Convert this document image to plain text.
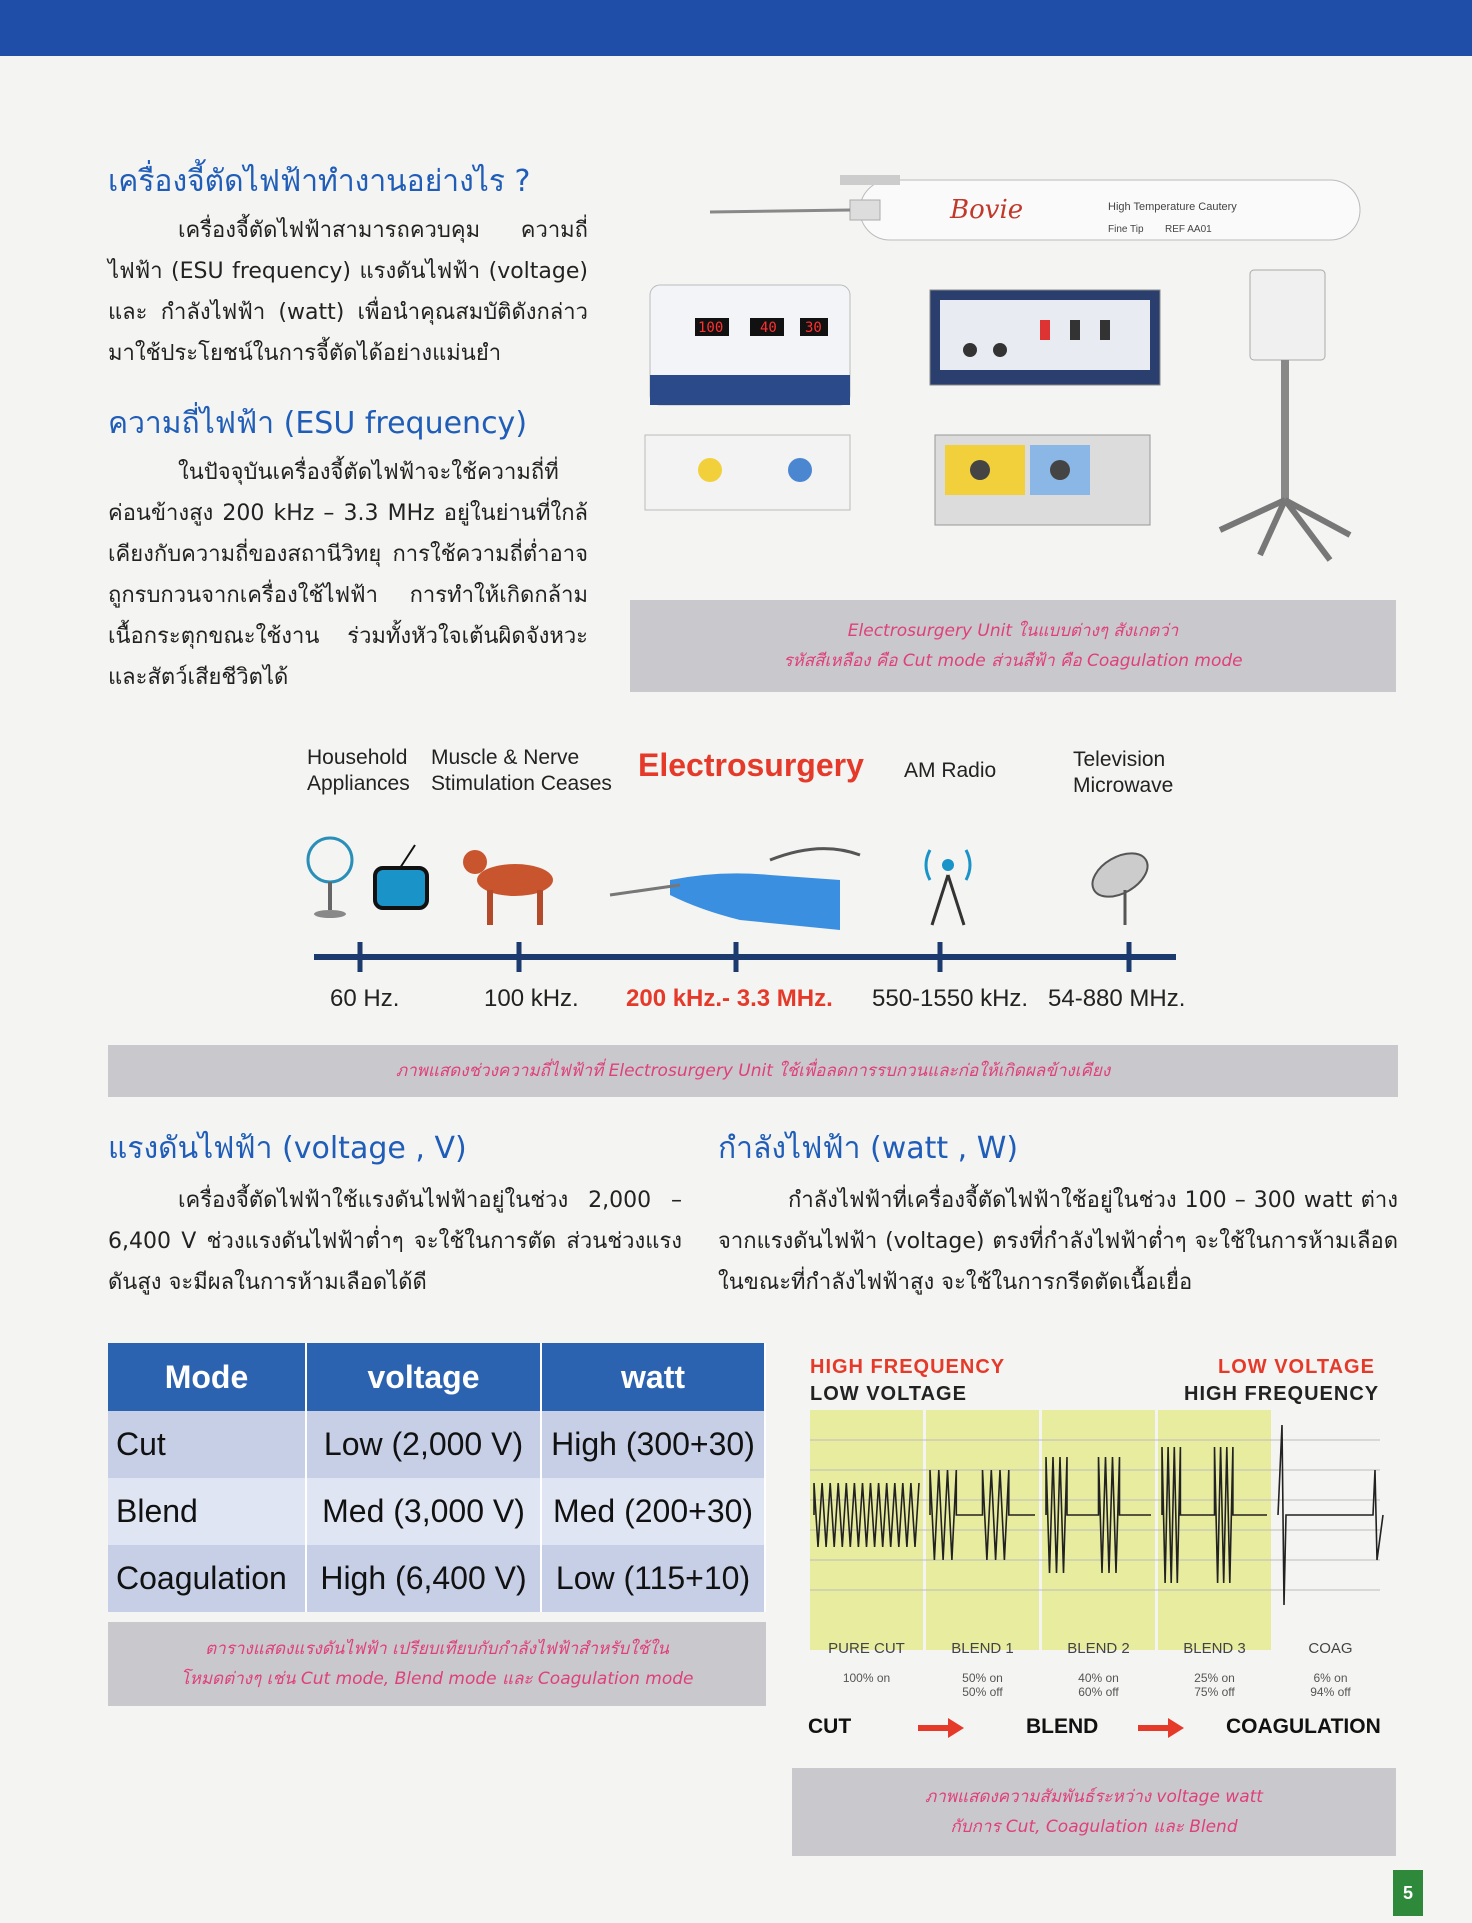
เครื่องจี้ตัดไฟฟ้าทำงานอย่างไร ?

เครื่องจี้ตัดไฟฟ้าสามารถควบคุม ความถี่ไฟฟ้า (ESU frequency) แรงดันไฟฟ้า (voltage) และ กำลังไฟฟ้า (watt) เพื่อนำคุณสมบัติดังกล่าวมาใช้ประโยชน์ในการจี้ตัดได้อย่างแม่นยำ

ความถี่ไฟฟ้า (ESU frequency)

ในปัจจุบันเครื่องจี้ตัดไฟฟ้าจะใช้ความถี่ที่ค่อนข้างสูง 200 kHz – 3.3 MHz อยู่ในย่านที่ใกล้เคียงกับความถี่ของสถานีวิทยุ การใช้ความถี่ต่ำอาจถูกรบกวนจากเครื่องใช้ไฟฟ้า การทำให้เกิดกล้ามเนื้อกระตุกขณะใช้งาน ร่วมทั้งหัวใจเต้นผิดจังหวะและสัตว์เสียชีวิตได้

Bovie	High Temperature Cautery
Fine Tip REF AA01
100	40 30
Electrosurgery Unit ในแบบต่างๆ สังเกตว่า
รหัสสีเหลือง คือ Cut mode ส่วนสีฟ้า คือ Coagulation mode
Household
Appliances
Muscle & Nerve
Stimulation Ceases
Electrosurgery AM Radio	Television
Microwave
60 Hz.	100 kHz. 200 kHz.- 3.3 MHz. 550-1550 kHz. 54-880 MHz.
ภาพแสดงช่วงความถี่ไฟฟ้าที่ Electrosurgery Unit ใช้เพื่อลดการรบกวนและก่อให้เกิดผลข้างเคียง
แรงดันไฟฟ้า (voltage , V)

เครื่องจี้ตัดไฟฟ้าใช้แรงดันไฟฟ้าอยู่ในช่วง 2,000 – 6,400 V ช่วงแรงดันไฟฟ้าต่ำๆ จะใช้ในการตัด ส่วนช่วงแรงดันสูง จะมีผลในการห้ามเลือดได้ดี

กำลังไฟฟ้า (watt , W)

กำลังไฟฟ้าที่เครื่องจี้ตัดไฟฟ้าใช้อยู่ในช่วง 100 – 300 watt ต่างจากแรงดันไฟฟ้า (voltage) ตรงที่กำลังไฟฟ้าต่ำๆ จะใช้ในการห้ามเลือด ในขณะที่กำลังไฟฟ้าสูง จะใช้ในการกรีดตัดเนื้อเยื่อ

Mode	voltage	watt
Cut	Low (2,000 V)	High (300+30)
Blend	Med (3,000 V)	Med (200+30)
Coagulation	High (6,400 V)	Low (115+10)
ตารางแสดงแรงดันไฟฟ้า เปรียบเทียบกับกำลังไฟฟ้าสำหรับใช้ใน
โหมดต่างๆ เช่น Cut mode, Blend mode และ Coagulation mode
HIGH FREQUENCY
LOW VOLTAGE
LOW VOLTAGE
HIGH FREQUENCY
PURE CUT
100% on
BLEND 1
50% on
50% off
BLEND 2
40% on
60% off
BLEND 3
25% on
75% off
COAG
6% on
94% off
CUT	BLEND	COAGULATION
ภาพแสดงความสัมพันธ์ระหว่าง voltage watt
กับการ Cut, Coagulation และ Blend
5
